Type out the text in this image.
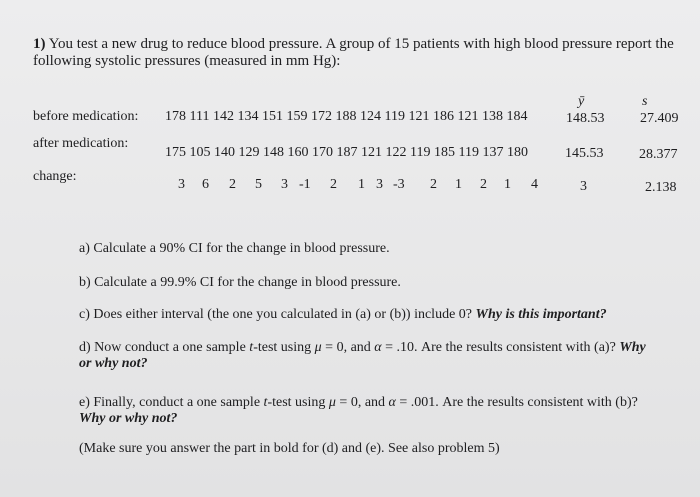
1) You test a new drug to reduce blood pressure. A group of 15 patients with high blood pressure report the
following systolic pressures (measured in mm Hg):
ȳ	s
before medication: 178 111 142 134 151 159 172 188 124 119 121 186 121 138 184	148.53	27.409
after medication:
175 105 140 129 148 160 170 187 121 122 119 185 119 137 180	145.53	28.377
change:
3 6 2 5 3 -1 2 1 3 -3 2 1 2 1 4	3	2.138
a) Calculate a 90% CI for the change in blood pressure.
b) Calculate a 99.9% CI for the change in blood pressure.
c) Does either interval (the one you calculated in (a) or (b)) include 0? Why is this important?
d) Now conduct a one sample t-test using μ = 0, and α = .10. Are the results consistent with (a)? Why
or why not?
e) Finally, conduct a one sample t-test using μ = 0, and α = .001. Are the results consistent with (b)?
Why or why not?
(Make sure you answer the part in bold for (d) and (e). See also problem 5)
